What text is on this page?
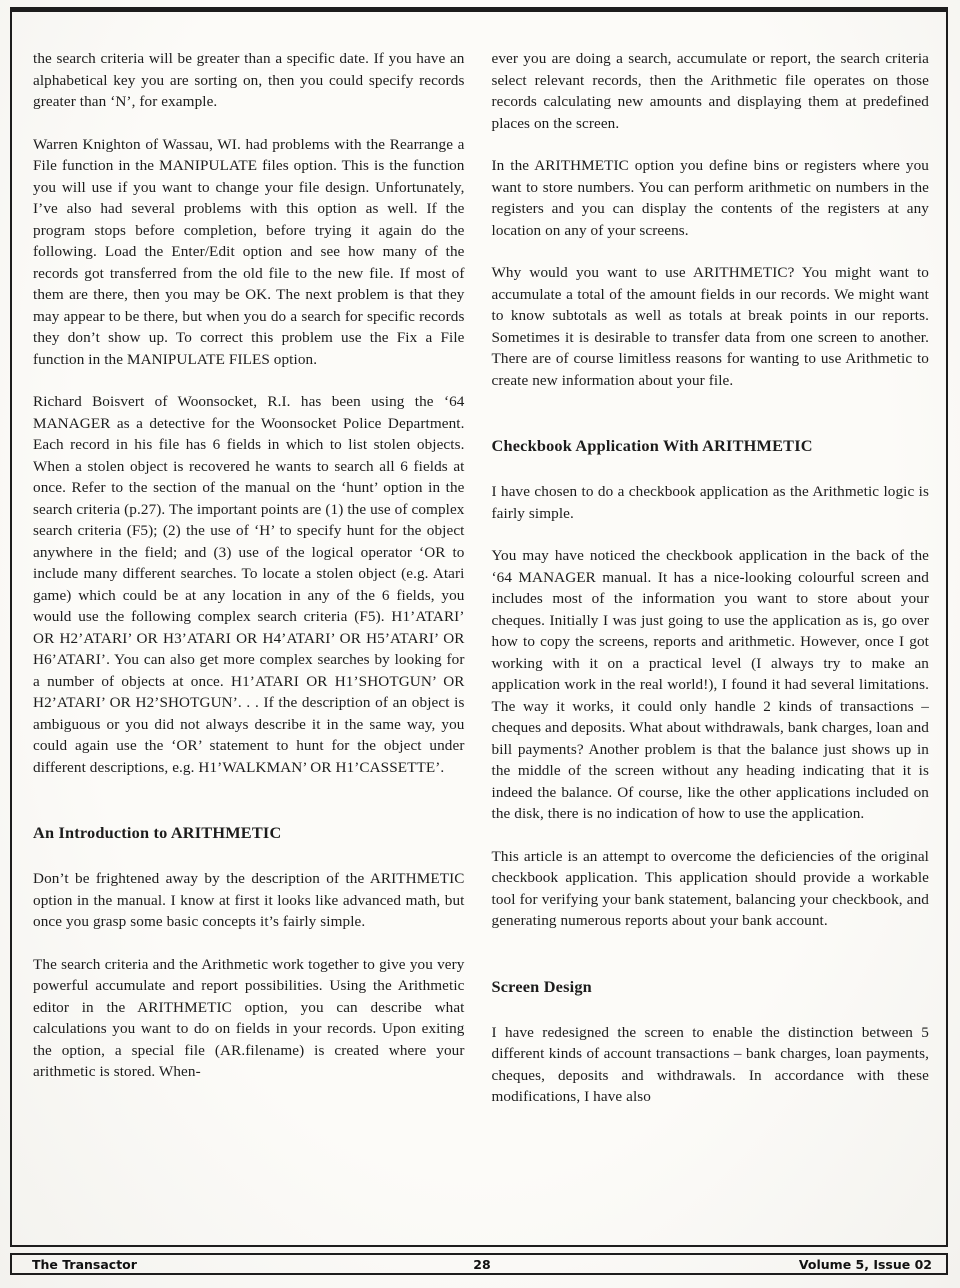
the search criteria will be greater than a specific date. If you have an alphabetical key you are sorting on, then you could specify records greater than ‘N’, for example.

Warren Knighton of Wassau, WI. had problems with the Rearrange a File function in the MANIPULATE files option. This is the function you will use if you want to change your file design. Unfortunately, I’ve also had several problems with this option as well. If the program stops before completion, before trying it again do the following. Load the Enter/Edit option and see how many of the records got transferred from the old file to the new file. If most of them are there, then you may be OK. The next problem is that they may appear to be there, but when you do a search for specific records they don’t show up. To correct this problem use the Fix a File function in the MANIPULATE FILES option.

Richard Boisvert of Woonsocket, R.I. has been using the ‘64 MANAGER as a detective for the Woonsocket Police Department. Each record in his file has 6 fields in which to list stolen objects. When a stolen object is recovered he wants to search all 6 fields at once. Refer to the section of the manual on the ‘hunt’ option in the search criteria (p.27). The important points are (1) the use of complex search criteria (F5); (2) the use of ‘H’ to specify hunt for the object anywhere in the field; and (3) use of the logical operator ‘OR to include many different searches. To locate a stolen object (e.g. Atari game) which could be at any location in any of the 6 fields, you would use the following complex search criteria (F5). H1’ATARI’ OR H2’ATARI’ OR H3’ATARI OR H4’ATARI’ OR H5’ATARI’ OR H6’ATARI’. You can also get more complex searches by looking for a number of objects at once. H1’ATARI OR H1’SHOTGUN’ OR H2’ATARI’ OR H2’SHOTGUN’. . . If the description of an object is ambiguous or you did not always describe it in the same way, you could again use the ‘OR’ statement to hunt for the object under different descriptions, e.g. H1’WALKMAN’ OR H1’CASSETTE’.

An Introduction to ARITHMETIC

Don’t be frightened away by the description of the ARITHMETIC option in the manual. I know at first it looks like advanced math, but once you grasp some basic concepts it’s fairly simple.

The search criteria and the Arithmetic work together to give you very powerful accumulate and report possibilities. Using the Arithmetic editor in the ARITHMETIC option, you can describe what calculations you want to do on fields in your records. Upon exiting the option, a special file (AR.filename) is created where your arithmetic is stored. When-

ever you are doing a search, accumulate or report, the search criteria select relevant records, then the Arithmetic file operates on those records calculating new amounts and displaying them at predefined places on the screen.

In the ARITHMETIC option you define bins or registers where you want to store numbers. You can perform arithmetic on numbers in the registers and you can display the contents of the registers at any location on any of your screens.

Why would you want to use ARITHMETIC? You might want to accumulate a total of the amount fields in our records. We might want to know subtotals as well as totals at break points in our reports. Sometimes it is desirable to transfer data from one screen to another. There are of course limitless reasons for wanting to use Arithmetic to create new information about your file.

Checkbook Application With ARITHMETIC

I have chosen to do a checkbook application as the Arithmetic logic is fairly simple.

You may have noticed the checkbook application in the back of the ‘64 MANAGER manual. It has a nice-looking colourful screen and includes most of the information you want to store about your cheques. Initially I was just going to use the application as is, go over how to copy the screens, reports and arithmetic. However, once I got working with it on a practical level (I always try to make an application work in the real world!), I found it had several limitations. The way it works, it could only handle 2 kinds of transactions – cheques and deposits. What about withdrawals, bank charges, loan and bill payments? Another problem is that the balance just shows up in the middle of the screen without any heading indicating that it is indeed the balance. Of course, like the other applications included on the disk, there is no indication of how to use the application.

This article is an attempt to overcome the deficiencies of the original checkbook application. This application should provide a workable tool for verifying your bank statement, balancing your checkbook, and generating numerous reports about your bank account.

Screen Design

I have redesigned the screen to enable the distinction between 5 different kinds of account transactions – bank charges, loan payments, cheques, deposits and withdrawals. In accordance with these modifications, I have also

The Transactor	28	Volume 5, Issue 02
